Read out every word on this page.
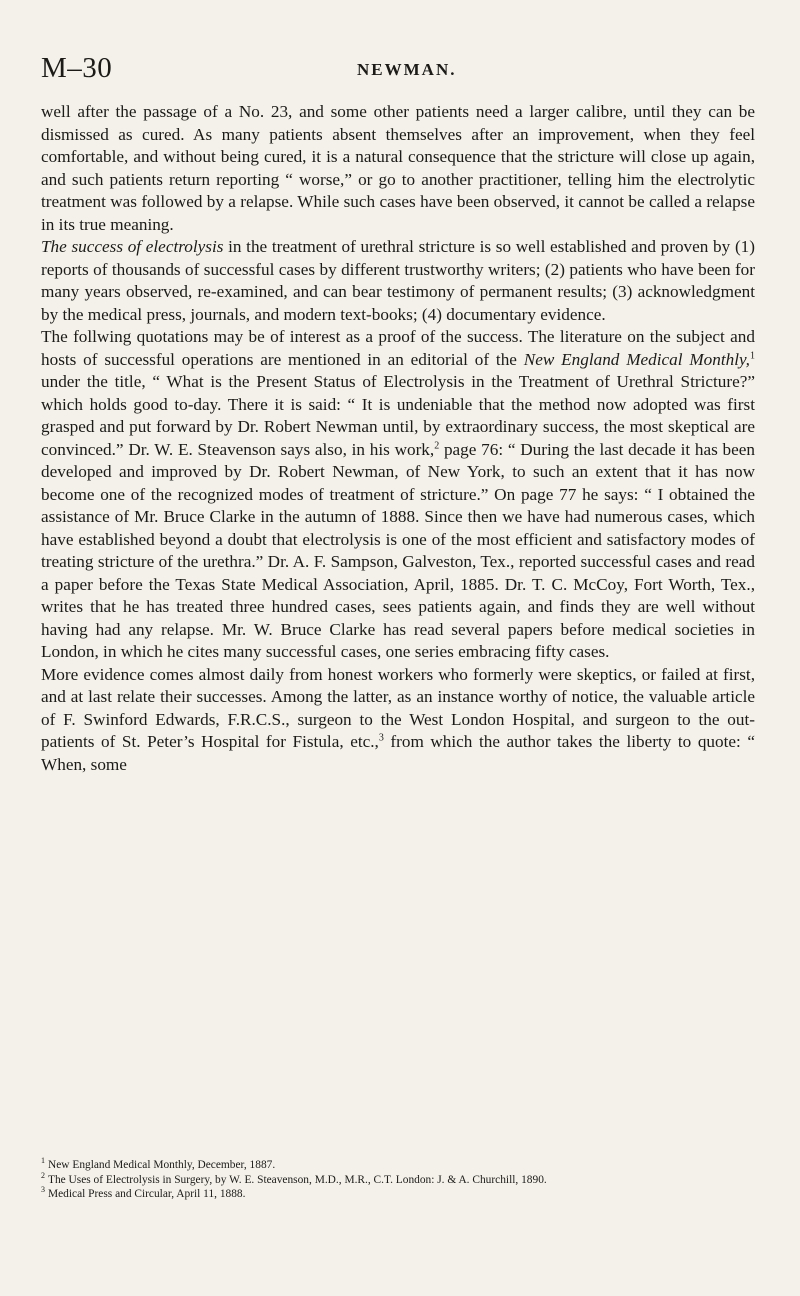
M–30	NEWMAN.

well after the passage of a No. 23, and some other patients need a larger calibre, until they can be dismissed as cured. As many patients absent themselves after an improvement, when they feel comfortable, and without being cured, it is a natural consequence that the stricture will close up again, and such patients return reporting “ worse,” or go to another practitioner, telling him the electrolytic treatment was followed by a relapse. While such cases have been observed, it cannot be called a relapse in its true meaning.

The success of electrolysis in the treatment of urethral stricture is so well established and proven by (1) reports of thousands of successful cases by different trustworthy writers; (2) patients who have been for many years observed, re-examined, and can bear testimony of permanent results; (3) acknowledgment by the medical press, journals, and modern text-books; (4) documentary evidence.

The follwing quotations may be of interest as a proof of the success. The literature on the subject and hosts of successful operations are mentioned in an editorial of the New England Medical Monthly,$^1$ under the title, “ What is the Present Status of Electrolysis in the Treatment of Urethral Stricture?” which holds good to-day. There it is said: “ It is undeniable that the method now adopted was first grasped and put forward by Dr. Robert Newman until, by extraordinary success, the most skeptical are convinced.” Dr. W. E. Steavenson says also, in his work,$^2$ page 76: “ During the last decade it has been developed and improved by Dr. Robert Newman, of New York, to such an extent that it has now become one of the recognized modes of treatment of stricture.” On page 77 he says: “ I obtained the assistance of Mr. Bruce Clarke in the autumn of 1888. Since then we have had numerous cases, which have established beyond a doubt that electrolysis is one of the most efficient and satisfactory modes of treating stricture of the urethra.” Dr. A. F. Sampson, Galveston, Tex., reported successful cases and read a paper before the Texas State Medical Association, April, 1885. Dr. T. C. McCoy, Fort Worth, Tex., writes that he has treated three hundred cases, sees patients again, and finds they are well without having had any relapse. Mr. W. Bruce Clarke has read several papers before medical societies in London, in which he cites many successful cases, one series embracing fifty cases.

More evidence comes almost daily from honest workers who formerly were skeptics, or failed at first, and at last relate their successes. Among the latter, as an instance worthy of notice, the valuable article of F. Swinford Edwards, F.R.C.S., surgeon to the West London Hospital, and surgeon to the out-patients of St. Peter’s Hospital for Fistula, etc.,$^3$ from which the author takes the liberty to quote: “ When, some

$^1$ New England Medical Monthly, December, 1887.

$^2$ The Uses of Electrolysis in Surgery, by W. E. Steavenson, M.D., M.R., C.T. London: J. & A. Churchill, 1890.

$^3$ Medical Press and Circular, April 11, 1888.
